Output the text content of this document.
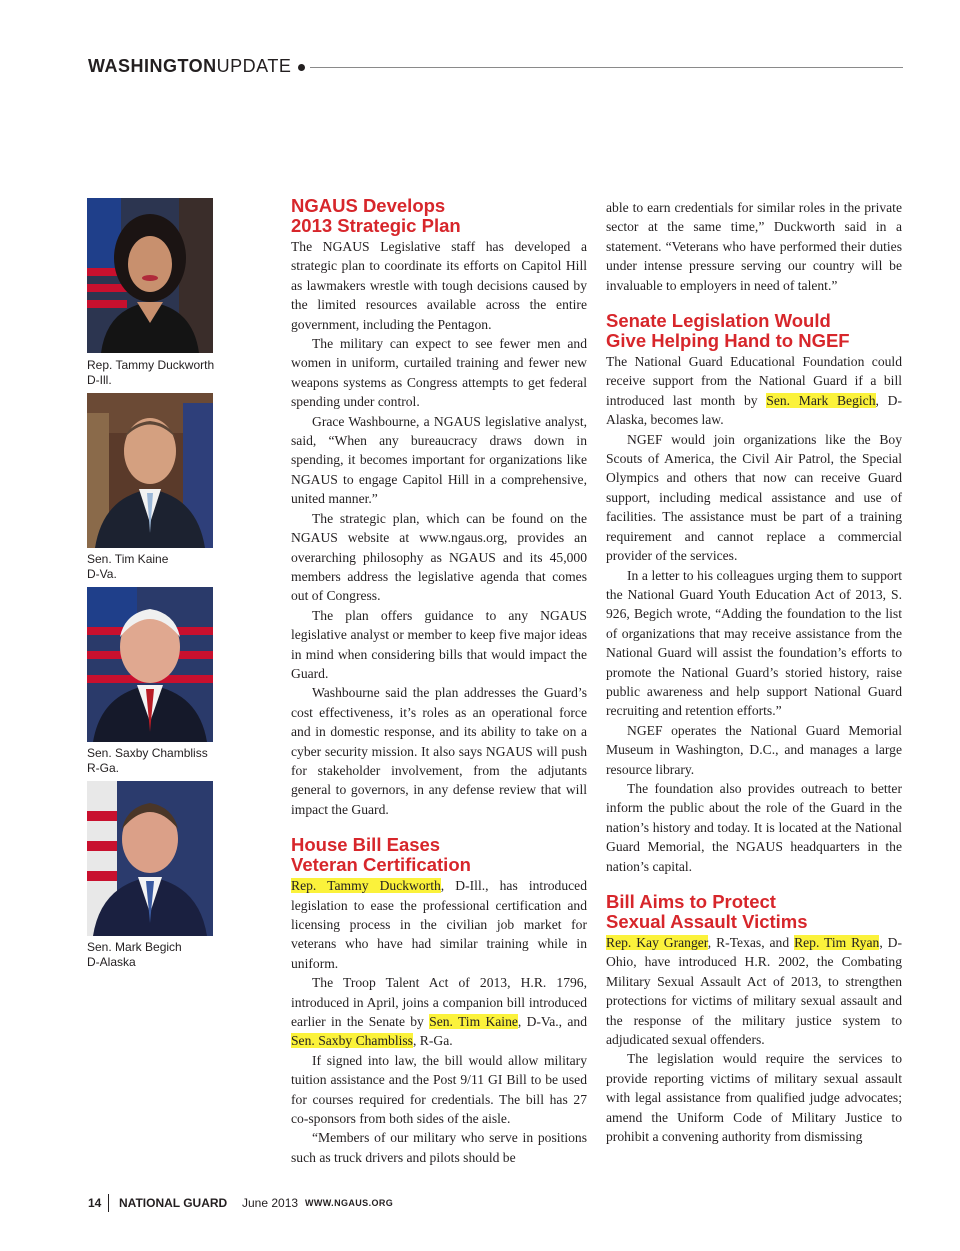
WASHINGTONUPDATE
Rep. Tammy Duckworth
D-Ill.
Sen. Tim Kaine
D-Va.
Sen. Saxby Chambliss
R-Ga.
Sen. Mark Begich
D-Alaska
NGAUS Develops
2013 Strategic Plan

The NGAUS Legislative staff has developed a strategic plan to coordinate its efforts on Capitol Hill as lawmakers wrestle with tough decisions caused by the limited resources available across the entire government, including the Pentagon.

The military can expect to see fewer men and women in uniform, curtailed training and fewer new weapons systems as Congress attempts to get federal spending under control.

Grace Washbourne, a NGAUS legislative analyst, said, “When any bureaucracy draws down in spending, it becomes important for organizations like NGAUS to engage Capitol Hill in a comprehensive, united manner.”

The strategic plan, which can be found on the NGAUS website at www.ngaus.org, provides an overarching philosophy as NGAUS and its 45,000 members address the legislative agenda that comes out of Congress.

The plan offers guidance to any NGAUS legislative analyst or member to keep five major ideas in mind when considering bills that would impact the Guard.

Washbourne said the plan addresses the Guard’s cost effectiveness, it’s roles as an operational force and in domestic response, and its ability to take on a cyber security mission. It also says NGAUS will push for stakeholder involvement, from the adjutants general to governors, in any defense review that will impact the Guard.

House Bill Eases
Veteran Certification

Rep. Tammy Duckworth, D-Ill., has introduced legislation to ease the professional certification and licensing process in the civilian job market for veterans who have had similar training while in uniform.

The Troop Talent Act of 2013, H.R. 1796, introduced in April, joins a companion bill introduced earlier in the Senate by Sen. Tim Kaine, D-Va., and Sen. Saxby Chambliss, R-Ga.

If signed into law, the bill would allow military tuition assistance and the Post 9/11 GI Bill to be used for courses required for credentials. The bill has 27 co-sponsors from both sides of the aisle.

“Members of our military who serve in positions such as truck drivers and pilots should be

able to earn credentials for similar roles in the private sector at the same time,” Duckworth said in a statement. “Veterans who have performed their duties under intense pressure serving our country will be invaluable to employers in need of talent.”

Senate Legislation Would
Give Helping Hand to NGEF

The National Guard Educational Foundation could receive support from the National Guard if a bill introduced last month by Sen. Mark Begich, D-Alaska, becomes law.

NGEF would join organizations like the Boy Scouts of America, the Civil Air Patrol, the Special Olympics and others that now can receive Guard support, including medical assistance and use of facilities. The assistance must be part of a training requirement and cannot replace a commercial provider of the services.

In a letter to his colleagues urging them to support the National Guard Youth Education Act of 2013, S. 926, Begich wrote, “Adding the foundation to the list of organizations that may receive assistance from the National Guard will assist the foundation’s efforts to promote the National Guard’s storied history, raise public awareness and help support National Guard recruiting and retention efforts.”

NGEF operates the National Guard Memorial Museum in Washington, D.C., and manages a large resource library.

The foundation also provides outreach to better inform the public about the role of the Guard in the nation’s history and today. It is located at the National Guard Memorial, the NGAUS headquarters in the nation’s capital.

Bill Aims to Protect
Sexual Assault Victims

Rep. Kay Granger, R-Texas, and Rep. Tim Ryan, D-Ohio, have introduced H.R. 2002, the Combating Military Sexual Assault Act of 2013, to strengthen protections for victims of military sexual assault and the response of the military justice system to adjudicated sexual offenders.

The legislation would require the services to provide reporting victims of military sexual assault with legal assistance from qualified judge advocates; amend the Uniform Code of Military Justice to prohibit a convening authority from dismissing

14 NATIONAL GUARD June 2013 WWW.NGAUS.ORG
